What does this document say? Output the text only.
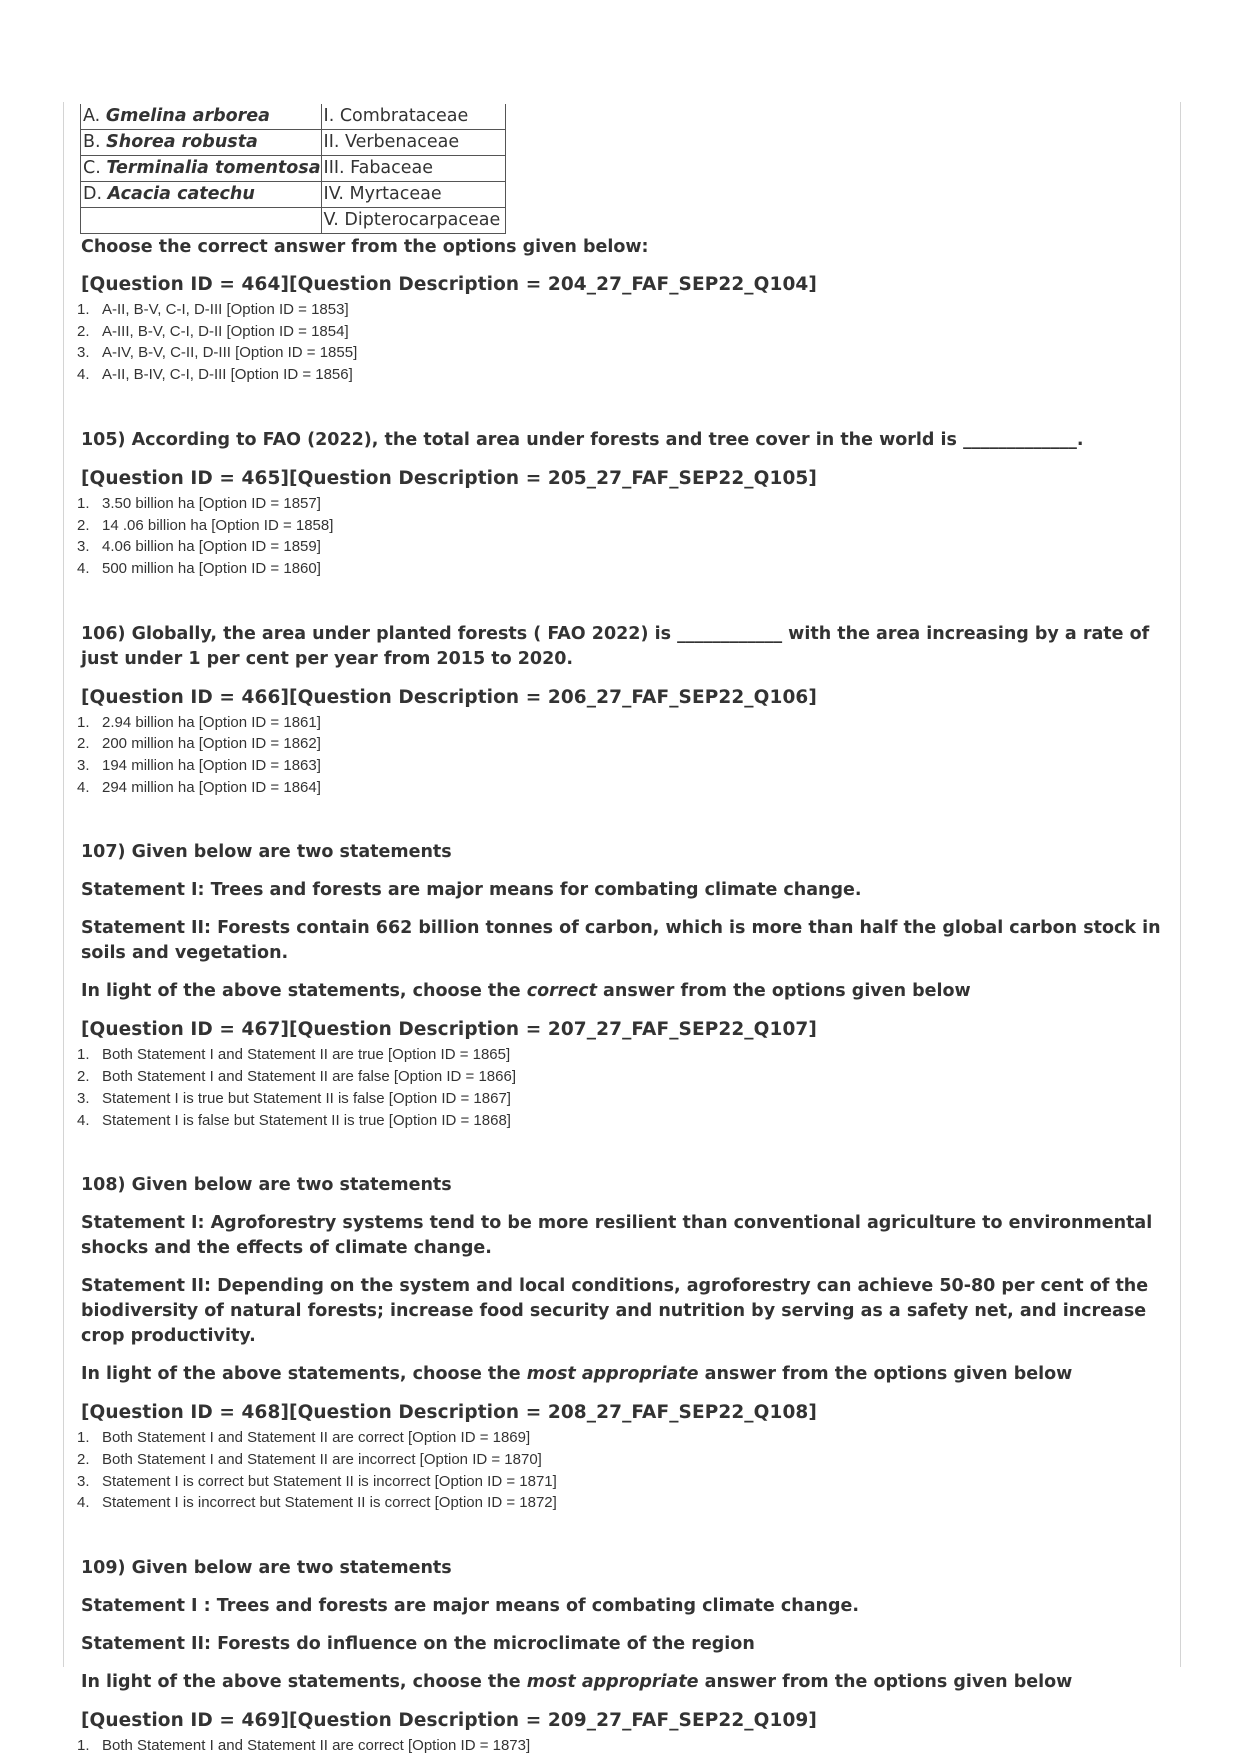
A. Gmelina arborea	I. Combrataceae
B. Shorea robusta	II. Verbenaceae
C. Terminalia tomentosa	III. Fabaceae
D. Acacia catechu	IV. Myrtaceae
	V. Dipterocarpaceae
Choose the correct answer from the options given below:
[Question ID = 464][Question Description = 204_27_FAF_SEP22_Q104]
1. A-II, B-V, C-I, D-III [Option ID = 1853]
2. A-III, B-V, C-I, D-II [Option ID = 1854]
3. A-IV, B-V, C-II, D-III [Option ID = 1855]
4. A-II, B-IV, C-I, D-III [Option ID = 1856]
105) According to FAO (2022), the total area under forests and tree cover in the world is _____________.
[Question ID = 465][Question Description = 205_27_FAF_SEP22_Q105]
1. 3.50 billion ha [Option ID = 1857]
2. 14 .06 billion ha [Option ID = 1858]
3. 4.06 billion ha [Option ID = 1859]
4. 500 million ha [Option ID = 1860]
106) Globally, the area under planted forests ( FAO 2022) is ____________ with the area increasing by a rate of just under 1 per cent per year from 2015 to 2020.
[Question ID = 466][Question Description = 206_27_FAF_SEP22_Q106]
1. 2.94 billion ha [Option ID = 1861]
2. 200 million ha [Option ID = 1862]
3. 194 million ha [Option ID = 1863]
4. 294 million ha [Option ID = 1864]
107) Given below are two statements
Statement I: Trees and forests are major means for combating climate change.
Statement II: Forests contain 662 billion tonnes of carbon, which is more than half the global carbon stock in soils and vegetation.
In light of the above statements, choose the correct answer from the options given below
[Question ID = 467][Question Description = 207_27_FAF_SEP22_Q107]
1. Both Statement I and Statement II are true [Option ID = 1865]
2. Both Statement I and Statement II are false [Option ID = 1866]
3. Statement I is true but Statement II is false [Option ID = 1867]
4. Statement I is false but Statement II is true [Option ID = 1868]
108) Given below are two statements
Statement I: Agroforestry systems tend to be more resilient than conventional agriculture to environmental shocks and the effects of climate change.
Statement II: Depending on the system and local conditions, agroforestry can achieve 50-80 per cent of the biodiversity of natural forests; increase food security and nutrition by serving as a safety net, and increase crop productivity.
In light of the above statements, choose the most appropriate answer from the options given below
[Question ID = 468][Question Description = 208_27_FAF_SEP22_Q108]
1. Both Statement I and Statement II are correct [Option ID = 1869]
2. Both Statement I and Statement II are incorrect [Option ID = 1870]
3. Statement I is correct but Statement II is incorrect [Option ID = 1871]
4. Statement I is incorrect but Statement II is correct [Option ID = 1872]
109) Given below are two statements
Statement I : Trees and forests are major means of combating climate change.
Statement II: Forests do influence on the microclimate of the region
In light of the above statements, choose the most appropriate answer from the options given below
[Question ID = 469][Question Description = 209_27_FAF_SEP22_Q109]
1. Both Statement I and Statement II are correct [Option ID = 1873]
